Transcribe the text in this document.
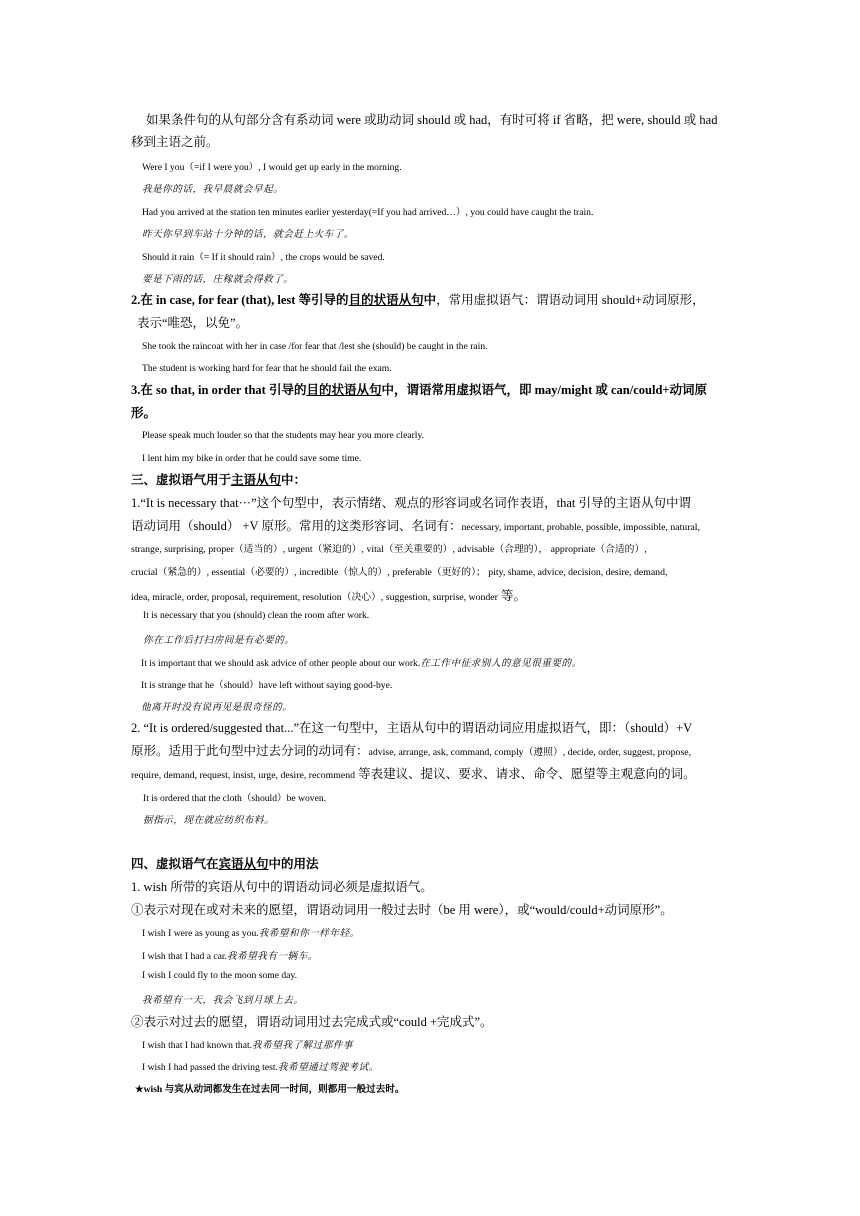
如果条件句的从句部分含有系动词 were 或助动词 should 或 had，有时可将 if 省略，把 were, should 或 had
移到主语之前。
Were I you（=if I were you）, I would get up early in the morning.
我是你的话，我早晨就会早起。
Had you arrived at the station ten minutes earlier yesterday(=If you had arrived…）, you could have caught the train.
昨天你早到车站十分钟的话，就会赶上火车了。
Should it rain（= If it should rain）, the crops would be saved.
要是下雨的话，庄稼就会得救了。
2.在 in case, for fear (that), lest 等引导的目的状语从句中，常用虚拟语气：谓语动词用 should+动词原形，
表示“唯恐，以免”。
She took the raincoat with her in case /for fear that /lest she (should) be caught in the rain.
The student is working hard for fear that he should fail the exam.
3.在 so that, in order that 引导的目的状语从句中，谓语常用虚拟语气，即 may/might 或 can/could+动词原
形。
Please speak much louder so that the students may hear you more clearly.
I lent him my bike in order that he could save some time.
三、虚拟语气用于主语从句中：
1.“It is necessary that···”这个句型中，表示情绪、观点的形容词或名词作表语，that 引导的主语从句中谓
语动词用（should） +V 原形。常用的这类形容词、名词有：necessary, important, probable, possible, impossible, natural,
strange, surprising, proper（适当的）, urgent（紧迫的）, vital（至关重要的）, advisable（合理的）， appropriate（合适的）,
crucial（紧急的）, essential（必要的）, incredible（惊人的）, preferable（更好的）； pity, shame, advice, decision, desire, demand,
idea, miracle, order, proposal, requirement, resolution（决心）, suggestion, surprise, wonder 等。
It is necessary that you (should) clean the room after work.
你在工作后打扫房间是有必要的。
It is important that we should ask advice of other people about our work.在工作中征求别人的意见很重要的。
It is strange that he（should）have left without saying good-bye.
他离开时没有说再见是很奇怪的。
2. “It is ordered/suggested that...”在这一句型中，主语从句中的谓语动词应用虚拟语气，即：（should）+V
原形。适用于此句型中过去分词的动词有：advise, arrange, ask, command, comply（遵照）, decide, order, suggest, propose,
require, demand, request, insist, urge, desire, recommend 等表建议、提议、要求、请求、命令、愿望等主观意向的词。
It is ordered that the cloth（should）be woven.
据指示，现在就应纺织布料。
四、虚拟语气在宾语从句中的用法
1. wish 所带的宾语从句中的谓语动词必须是虚拟语气。
①表示对现在或对未来的愿望，谓语动词用一般过去时（be 用 were），或“would/could+动词原形”。
I wish I were as young as you.我希望和你一样年轻。
I wish that I had a car.我希望我有一辆车。
I wish I could fly to the moon some day.
我希望有一天，我会飞到月球上去。
②表示对过去的愿望，谓语动词用过去完成式或“could +完成式”。
I wish that I had known that.我希望我了解过那件事
I wish I had passed the driving test.我希望通过驾驶考试。
★wish 与宾从动词都发生在过去同一时间，则都用一般过去时。
